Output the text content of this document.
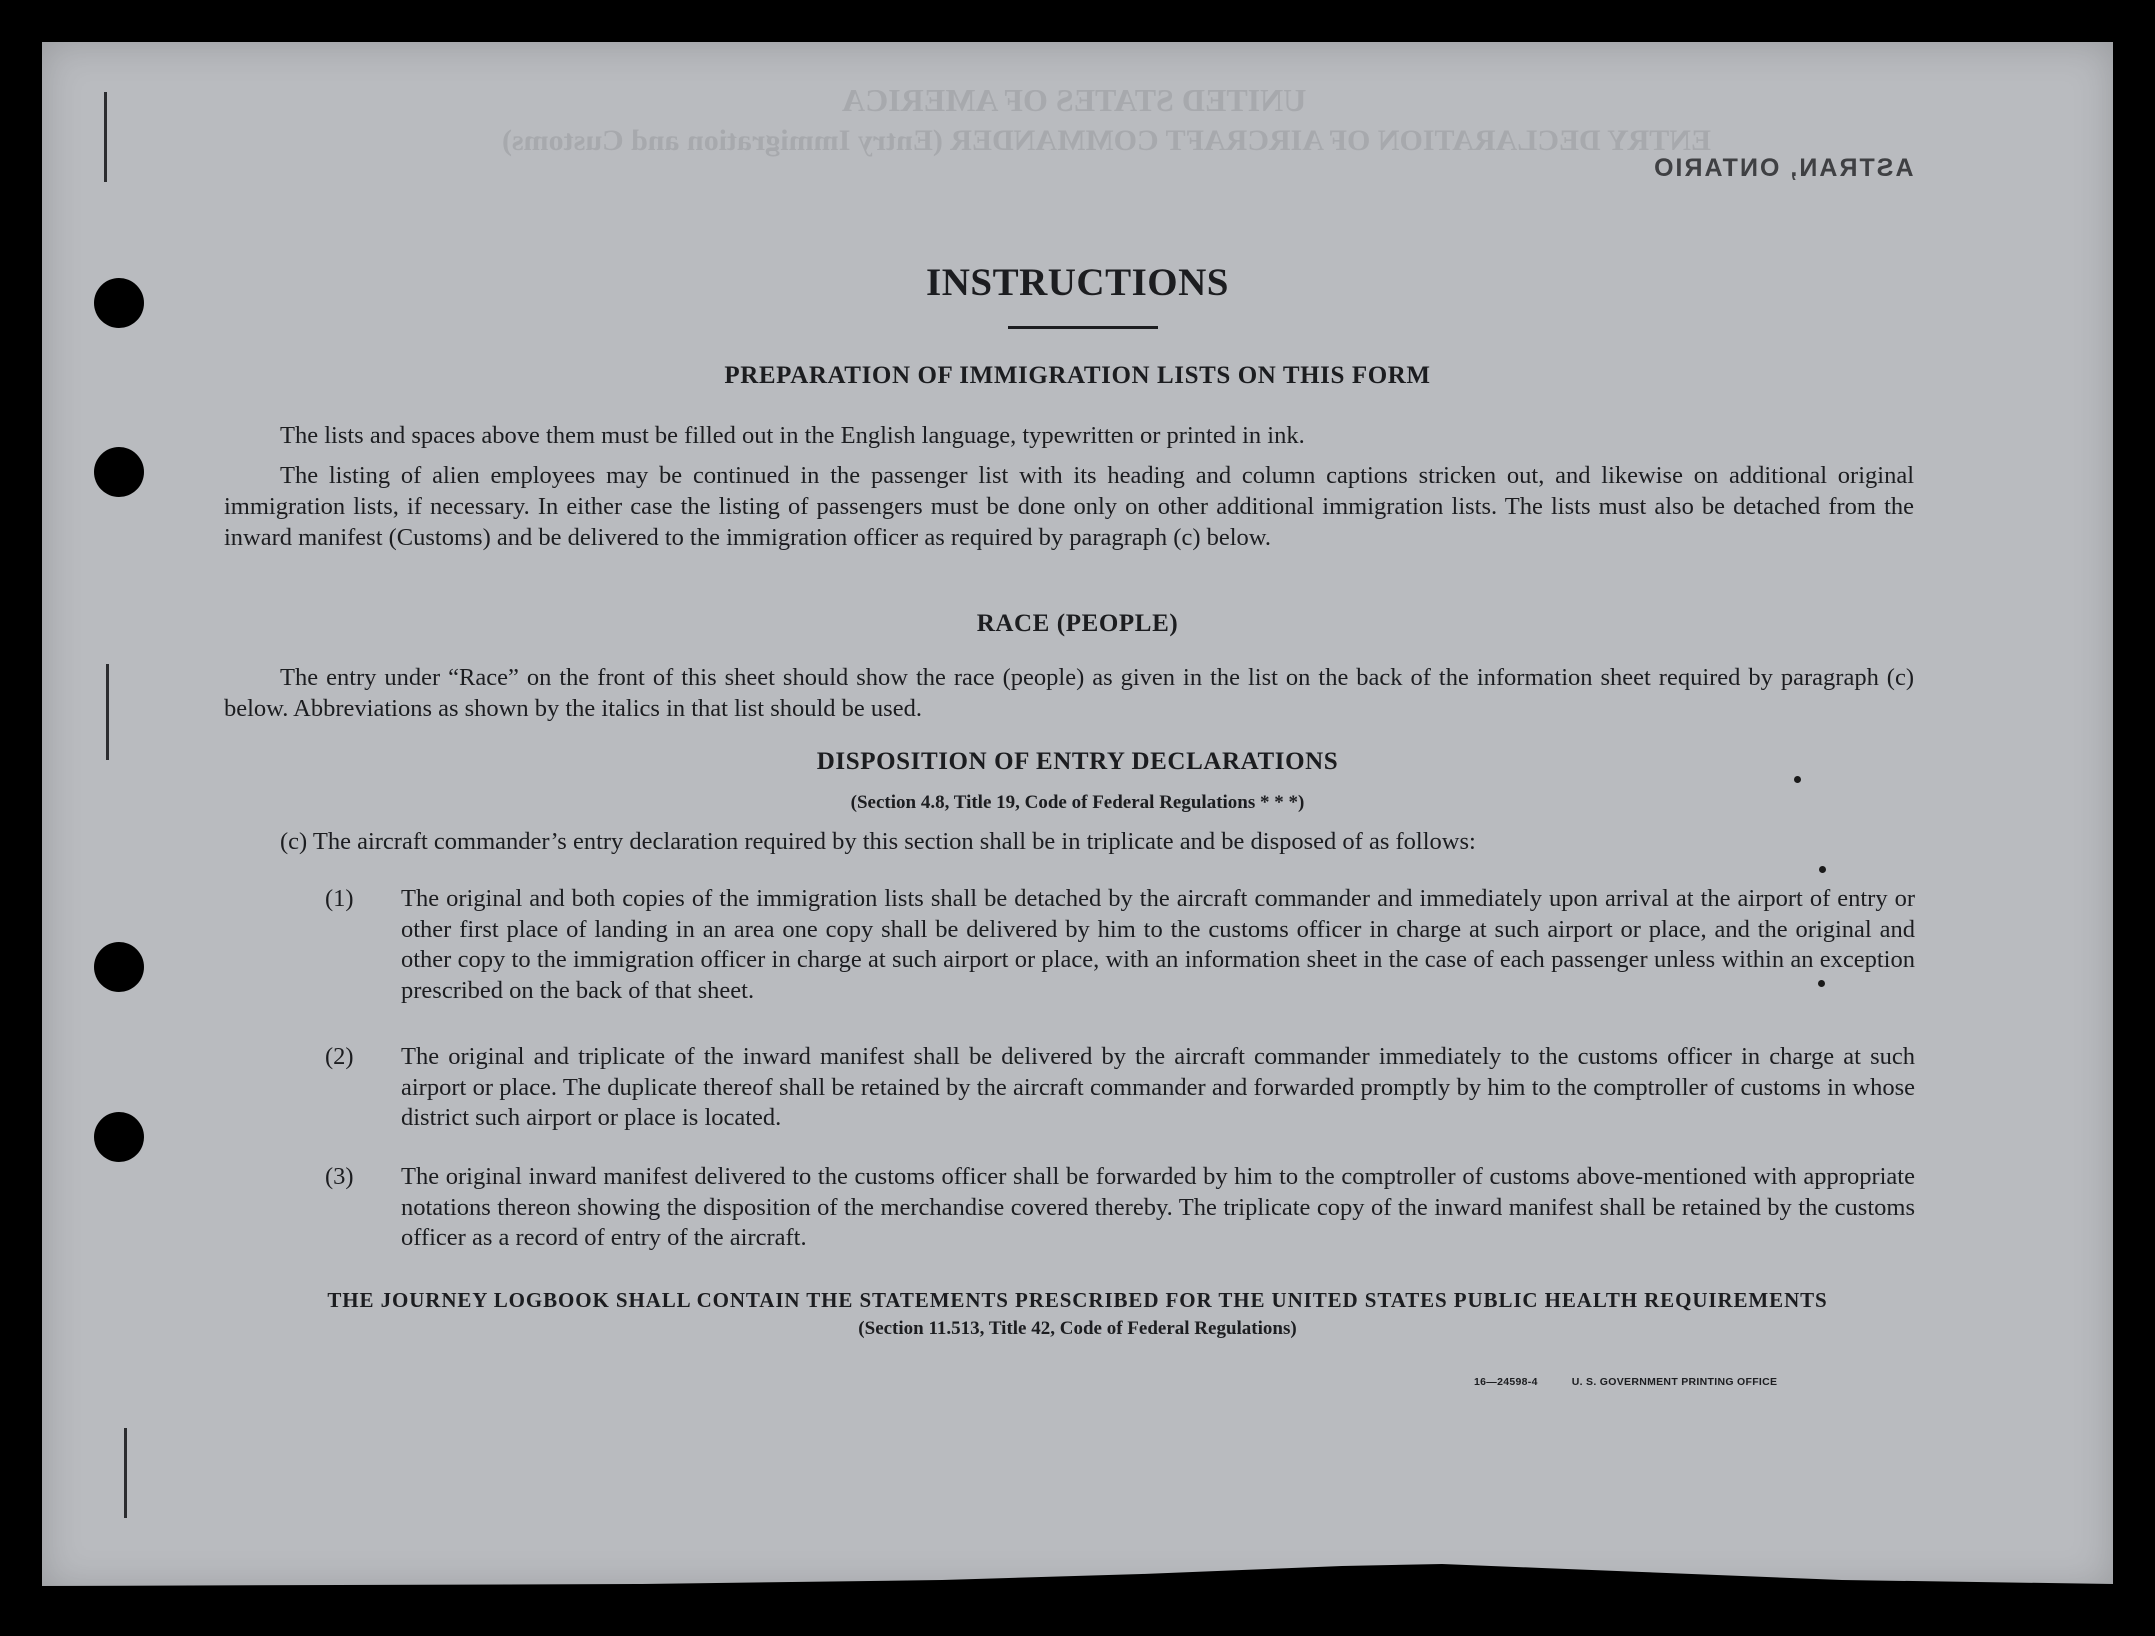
UNITED STATES OF AMERICA
ENTRY DECLARATION OF AIRCRAFT COMMANDER (Entry Immigration and Customs)
ASTRAN, ONTARIO
INSTRUCTIONS
PREPARATION OF IMMIGRATION LISTS ON THIS FORM
The lists and spaces above them must be filled out in the English language, typewritten or printed in ink.
The listing of alien employees may be continued in the passenger list with its heading and column captions stricken out, and likewise on additional original immigration lists, if necessary. In either case the listing of passengers must be done only on other additional immigration lists. The lists must also be detached from the inward manifest (Customs) and be delivered to the immigration officer as required by paragraph (c) below.
RACE (PEOPLE)
The entry under “Race” on the front of this sheet should show the race (people) as given in the list on the back of the information sheet required by paragraph (c) below. Abbreviations as shown by the italics in that list should be used.
DISPOSITION OF ENTRY DECLARATIONS
(Section 4.8, Title 19, Code of Federal Regulations * * *)
(c) The aircraft commander’s entry declaration required by this section shall be in triplicate and be disposed of as follows:
(1) The original and both copies of the immigration lists shall be detached by the aircraft commander and immediately upon arrival at the airport of entry or other first place of landing in an area one copy shall be delivered by him to the customs officer in charge at such airport or place, and the original and other copy to the immigration officer in charge at such airport or place, with an information sheet in the case of each passenger unless within an exception prescribed on the back of that sheet.
(2) The original and triplicate of the inward manifest shall be delivered by the aircraft commander immediately to the customs officer in charge at such airport or place. The duplicate thereof shall be retained by the aircraft commander and forwarded promptly by him to the comptroller of customs in whose district such airport or place is located.
(3) The original inward manifest delivered to the customs officer shall be forwarded by him to the comptroller of customs above-mentioned with appropriate notations thereon showing the disposition of the merchandise covered thereby. The triplicate copy of the inward manifest shall be retained by the customs officer as a record of entry of the aircraft.
THE JOURNEY LOGBOOK SHALL CONTAIN THE STATEMENTS PRESCRIBED FOR THE UNITED STATES PUBLIC HEALTH REQUIREMENTS
(Section 11.513, Title 42, Code of Federal Regulations)
16—24598-4	U. S. GOVERNMENT PRINTING OFFICE
